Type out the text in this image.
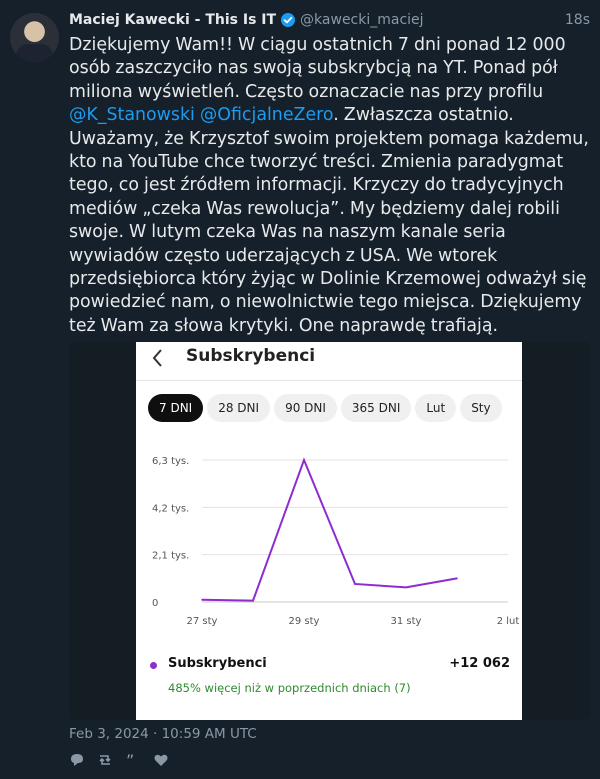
Maciej Kawecki - This Is IT @kawecki_maciej	18s

Dziękujemy Wam!! W ciągu ostatnich 7 dni ponad 12 000 osób zaszczyciło nas swoją subskrybcją na YT. Ponad pół miliona wyświetleń. Często oznaczacie nas przy profilu @K_Stanowski @OficjalneZero. Zwłaszcza ostatnio. Uważamy, że Krzysztof swoim projektem pomaga każdemu, kto na YouTube chce tworzyć treści. Zmienia paradygmat tego, co jest źródłem informacji. Krzyczy do tradycyjnych mediów „czeka Was rewolucja”. My będziemy dalej robili swoje. W lutym czeka Was na naszym kanale seria wywiadów często uderzających z USA. We wtorek przedsiębiorca który żyjąc w Dolinie Krzemowej odważył się powiedzieć nam, o niewolnictwie tego miejsca. Dziękujemy też Wam za słowa krytyki. One naprawdę trafiają.

Subskrybenci
7 DNI 28 DNI 90 DNI 365 DNI Lut Sty
0
2,1 tys.
4,2 tys.
6,3 tys.
27 sty	29 sty	31 sty	2 lut
Subskrybenci	+12 062
485% więcej niż w poprzednich dniach (7)
Feb 3, 2024 · 10:59 AM UTC
”
